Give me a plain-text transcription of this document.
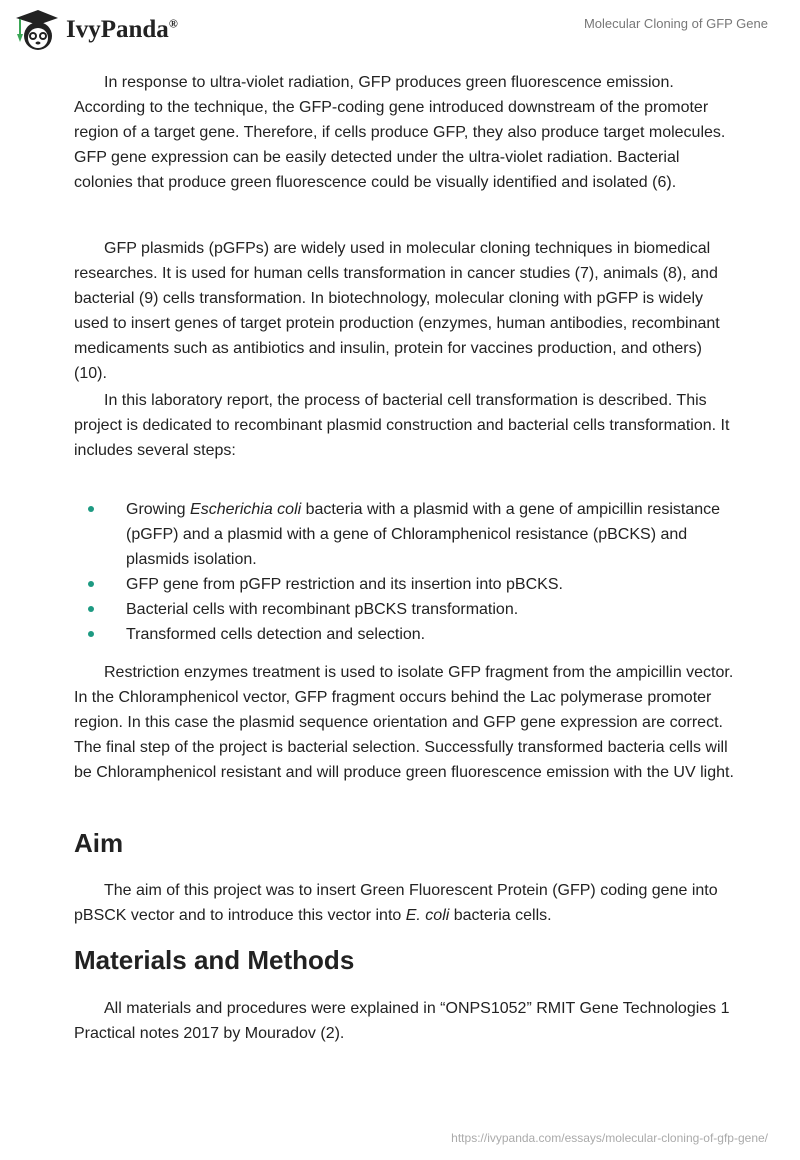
IvyPanda®	Molecular Cloning of GFP Gene

In response to ultra-violet radiation, GFP produces green fluorescence emission. According to the technique, the GFP-coding gene introduced downstream of the promoter region of a target gene. Therefore, if cells produce GFP, they also produce target molecules. GFP gene expression can be easily detected under the ultra-violet radiation. Bacterial colonies that produce green fluorescence could be visually identified and isolated (6).

GFP plasmids (pGFPs) are widely used in molecular cloning techniques in biomedical researches. It is used for human cells transformation in cancer studies (7), animals (8), and bacterial (9) cells transformation. In biotechnology, molecular cloning with pGFP is widely used to insert genes of target protein production (enzymes, human antibodies, recombinant medicaments such as antibiotics and insulin, protein for vaccines production, and others) (10).

In this laboratory report, the process of bacterial cell transformation is described. This project is dedicated to recombinant plasmid construction and bacterial cells transformation. It includes several steps:

Growing Escherichia coli bacteria with a plasmid with a gene of ampicillin resistance (pGFP) and a plasmid with a gene of Chloramphenicol resistance (pBCKS) and plasmids isolation.
GFP gene from pGFP restriction and its insertion into pBCKS.
Bacterial cells with recombinant pBCKS transformation.
Transformed cells detection and selection.

Restriction enzymes treatment is used to isolate GFP fragment from the ampicillin vector. In the Chloramphenicol vector, GFP fragment occurs behind the Lac polymerase promoter region. In this case the plasmid sequence orientation and GFP gene expression are correct. The final step of the project is bacterial selection. Successfully transformed bacteria cells will be Chloramphenicol resistant and will produce green fluorescence emission with the UV light.

Aim

The aim of this project was to insert Green Fluorescent Protein (GFP) coding gene into pBSCK vector and to introduce this vector into E. coli bacteria cells.

Materials and Methods

All materials and procedures were explained in “ONPS1052” RMIT Gene Technologies 1 Practical notes 2017 by Mouradov (2).

https://ivypanda.com/essays/molecular-cloning-of-gfp-gene/
